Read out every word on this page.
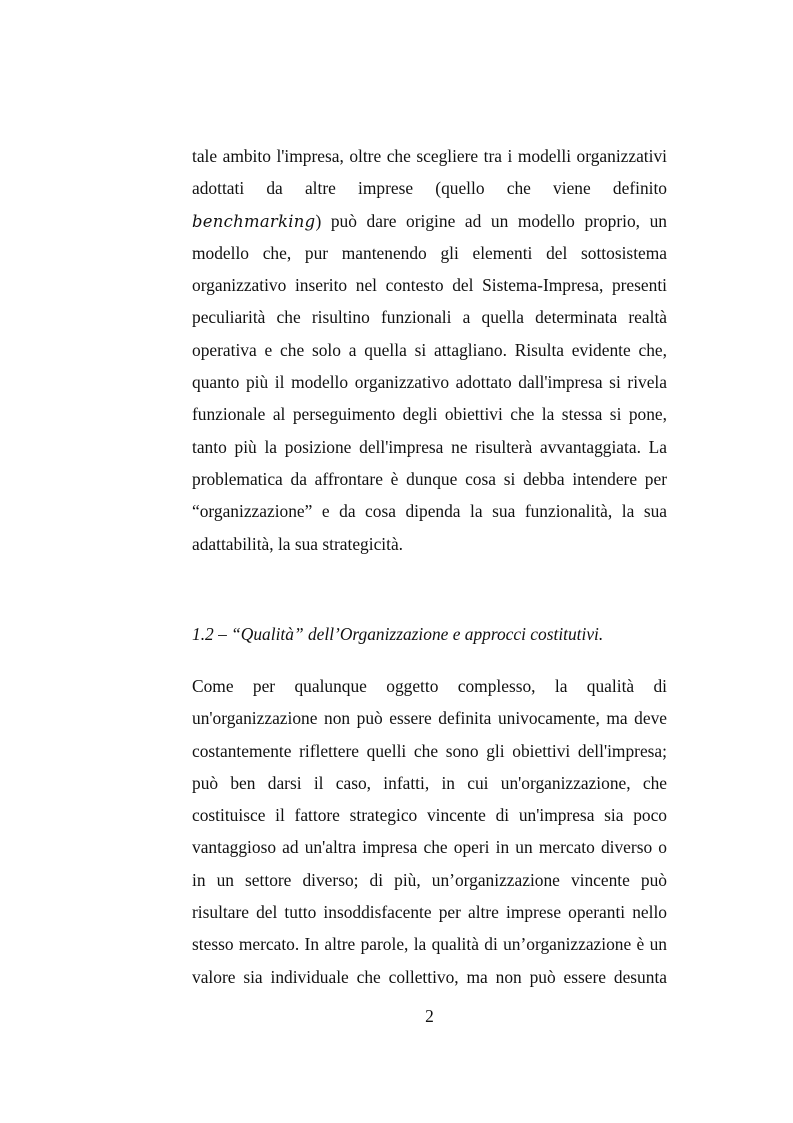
tale ambito l'impresa, oltre che scegliere tra i modelli organizzativi
adottati da altre imprese (quello che viene definito
benchmarking) può dare origine ad un modello proprio, un
modello che, pur mantenendo gli elementi del sottosistema
organizzativo inserito nel contesto del Sistema-Impresa, presenti
peculiarità che risultino funzionali a quella determinata realtà
operativa e che solo a quella si attagliano. Risulta evidente che,
quanto più il modello organizzativo adottato dall'impresa si rivela
funzionale al perseguimento degli obiettivi che la stessa si pone,
tanto più la posizione dell'impresa ne risulterà avvantaggiata. La
problematica da affrontare è dunque cosa si debba intendere per
“organizzazione” e da cosa dipenda la sua funzionalità, la sua
adattabilità, la sua strategicità.
1.2 – “Qualità” dell’Organizzazione e approcci costitutivi.
Come per qualunque oggetto complesso, la qualità di
un'organizzazione non può essere definita univocamente, ma deve
costantemente riflettere quelli che sono gli obiettivi dell'impresa;
può ben darsi il caso, infatti, in cui un'organizzazione, che
costituisce il fattore strategico vincente di un'impresa sia poco
vantaggioso ad un'altra impresa che operi in un mercato diverso o
in un settore diverso; di più, un’organizzazione vincente può
risultare del tutto insoddisfacente per altre imprese operanti nello
stesso mercato. In altre parole, la qualità di un’organizzazione è un
valore sia individuale che collettivo, ma non può essere desunta
2
